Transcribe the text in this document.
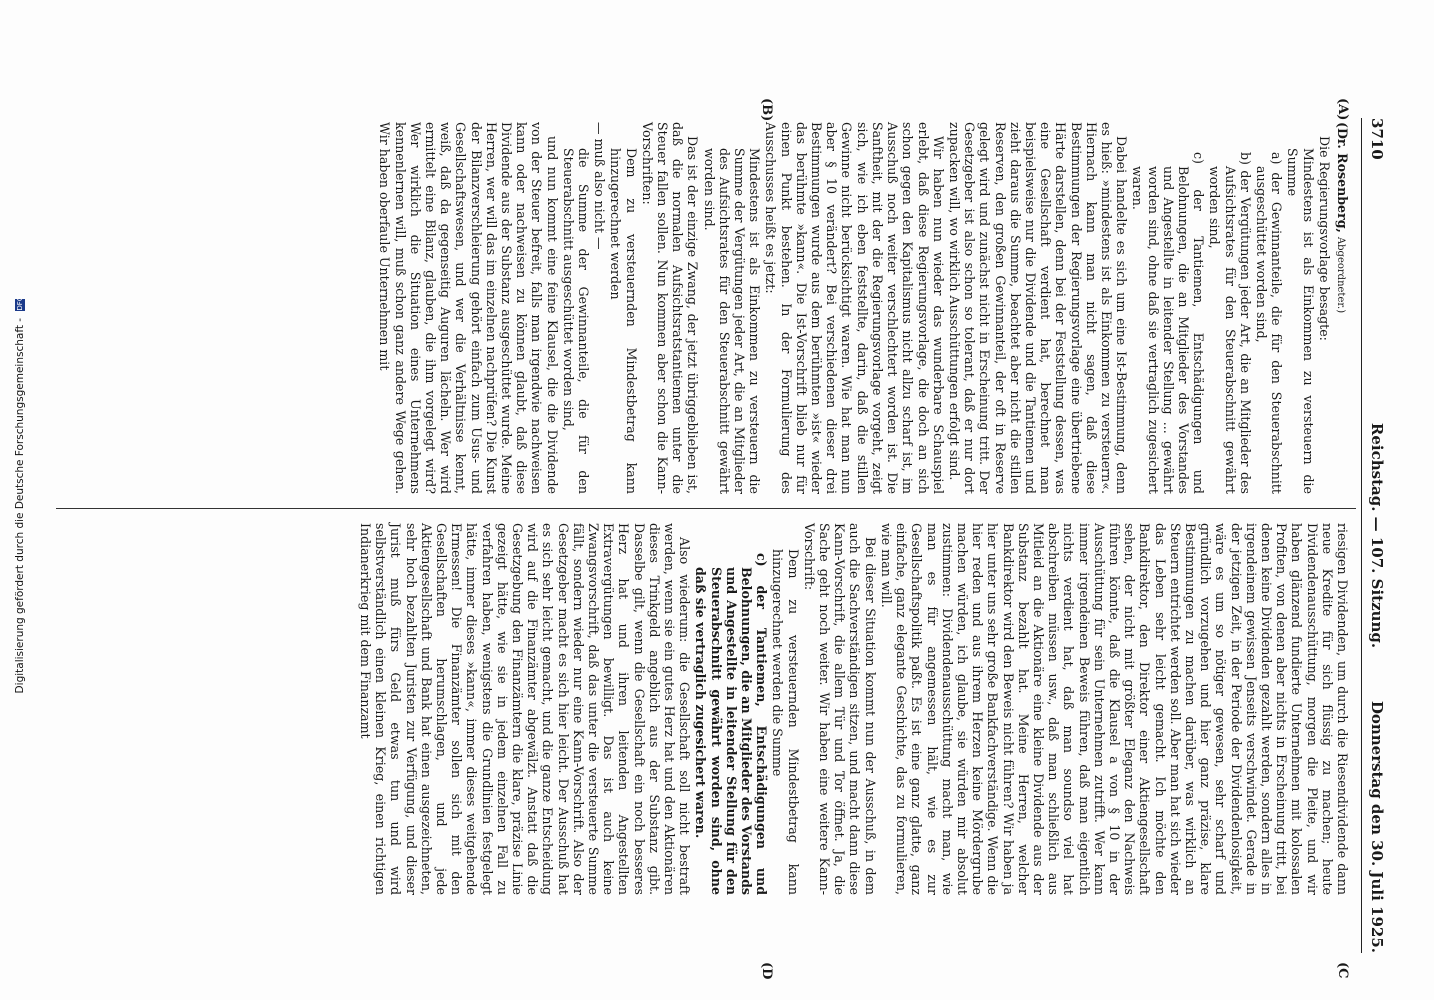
3710
Reichstag. — 107. Sitzung.
Donnerstag den 30. Juli 1925.
(A)
(B)
(C
(D

(Dr. Rosenberg, Abgeordneter.)

Die Regierungsvorlage besagte:

Mindestens ist als Einkommen zu versteuern die Summe

a) der Gewinnanteile, die für den Steuerabschnitt ausgeschüttet worden sind,

b) der Vergütungen jeder Art, die an Mitglieder des Aufsichtsrates für den Steuerabschnitt gewährt worden sind,

c) der Tantiemen, Entschädigungen und Belohnungen, die an Mitglieder des Vorstandes und Angestellte in leitender Stellung ... gewährt worden sind, ohne daß sie vertraglich zugesichert waren.

Dabei handelte es sich um eine Ist-Bestimmung, denn es hieß: »mindestens ist als Einkommen zu versteuern«. Hiernach kann man nicht sagen, daß diese Bestimmungen der Regierungsvorlage eine übertriebene Härte darstellen, denn bei der Feststellung dessen, was eine Gesellschaft verdient hat, berechnet man beispielsweise nur die Dividende und die Tantiemen und zieht daraus die Summe, beachtet aber nicht die stillen Reserven, den großen Gewinnanteil, der oft in Reserve gelegt wird und zunächst nicht in Erscheinung tritt. Der Gesetzgeber ist also schon so tolerant, daß er nur dort zupacken will, wo wirklich Ausschüttungen erfolgt sind.

Wir haben nun wieder das wunderbare Schauspiel erlebt, daß diese Regierungsvorlage, die doch an sich schon gegen den Kapitalismus nicht allzu scharf ist, im Ausschuß noch weiter verschlechtert worden ist. Die Sanftheit, mit der die Regierungsvorlage vorgeht, zeigt sich, wie ich eben feststellte, darin, daß die stillen Gewinne nicht berücksichtigt waren. Wie hat man nun aber § 10 verändert? Bei verschiedenen dieser drei Bestimmungen wurde aus dem berühmten »ist« wieder das berühmte »kann«. Die Ist-Vorschrift blieb nur für einen Punkt bestehen. In der Formulierung des Ausschusses heißt es jetzt:

Mindestens ist als Einkommen zu versteuern die Summe der Vergütungen jeder Art, die an Mitglieder des Aufsichtsrates für den Steuerabschnitt gewährt worden sind.

Das ist der einzige Zwang, der jetzt übriggeblieben ist, daß die normalen Aufsichtsratstantiemen unter die Steuer fallen sollen. Nun kommen aber schon die Kann-Vorschriften:

Dem zu versteuernden Mindestbetrag kann hinzugerechnet werden

— muß also nicht —

die Summe der Gewinnanteile, die für den Steuerabschnitt ausgeschüttet worden sind,

und nun kommt eine feine Klausel, die die Dividende von der Steuer befreit, falls man irgendwie nachweisen kann oder nachweisen zu können glaubt, daß diese Dividende aus der Substanz ausgeschüttet wurde. Meine Herren, wer will das im einzelnen nachprüfen? Die Kunst der Bilanzverschleierung gehört einfach zum Usus- und Gesellschaftswesen, und wer die Verhältnisse kennt, weiß, daß da gegenseitig Auguren lächeln. Wer wird ermittelt eine Bilanz, glauben, die ihm vorgelegt wird? Wer wirklich die Situation eines Unternehmens kennenlernen will, muß schon ganz andere Wege gehen. Wir haben oberfaule Unternehmen mit

riesigen Dividenden, um durch die Riesendividende dann neue Kredite für sich flüssig zu machen; heute Dividendenausschüttung, morgen die Pleite, und wir haben glänzend fundierte Unternehmen mit kolossalen Profiten, von denen aber nichts in Erscheinung tritt, bei denen keine Dividenden gezahlt werden, sondern alles in irgendeinem gewissen Jenseits verschwindet. Gerade in der jetzigen Zeit, in der Periode der Dividendenlosigkeit, wäre es um so nötiger gewesen, sehr scharf und gründlich vorzugehen und hier ganz präzise, klare Bestimmungen zu machen darüber, was wirklich an Steuern entrichtet werden soll. Aber man hat sich wieder das Leben sehr leicht gemacht. Ich möchte den Bankdirektor, den Direktor einer Aktiengesellschaft sehen, der nicht mit größter Eleganz den Nachweis führen könnte, daß die Klausel a von § 10 in der Ausschüttung für sein Unternehmen zutrifft. Wer kann immer irgendeinen Beweis führen, daß man eigentlich nichts verdient hat, daß man soundso viel hat abschreiben müssen usw., daß man schließlich aus Mitleid an die Aktionäre eine kleine Dividende aus der Substanz bezahlt hat. Meine Herren, welcher Bankdirektor wird den Beweis nicht führen? Wir haben ja hier unter uns sehr große Bankfachverständige. Wenn die hier reden und aus ihrem Herzen keine Mördergrube machen würden, ich glaube, sie würden mir absolut zustimmen: Dividendenausschüttung macht man, wie man es für angemessen hält, wie es zur Gesellschaftspolitik paßt. Es ist eine ganz glatte, ganz einfache, ganz elegante Geschichte, das zu formulieren, wie man will.

Bei dieser Situation kommt nun der Ausschuß, in dem auch die Sachverständigen sitzen, und macht dann diese Kann-Vorschrift, die allem Tür und Tor öffnet. Ja, die Sache geht noch weiter. Wir haben eine weitere Kann-Vorschrift:

Dem zu versteuernden Mindestbetrag kann hinzugerechnet werden die Summe

c) der Tantiemen, Entschädigungen und Belohnungen, die an Mitglieder des Vorstands und Angestellte in leitender Stellung für den Steuerabschnitt gewährt worden sind, ohne daß sie vertraglich zugesichert waren.

Also wiederum: die Gesellschaft soll nicht bestraft werden, wenn sie ein gutes Herz hat und den Aktionären dieses Trinkgeld angeblich aus der Substanz gibt. Dasselbe gilt, wenn die Gesellschaft ein noch besseres Herz hat und ihren leitenden Angestellten Extravergütungen bewilligt. Das ist auch keine Zwangsvorschrift, daß das unter die versteuerte Summe fällt, sondern wieder nur eine Kann-Vorschrift. Also der Gesetzgeber macht es sich hier leicht. Der Ausschuß hat es sich sehr leicht gemacht, und die ganze Entscheidung wird auf die Finanzämter abgewälzt. Anstatt daß die Gesetzgebung den Finanzämtern die klare, präzise Linie gezeigt hätte, wie sie in jedem einzelnen Fall zu verfahren haben, wenigstens die Grundlinien festgelegt hätte, immer dieses »kann«, immer dieses weitgehende Ermessen! Die Finanzämter sollen sich mit den Gesellschaften herumschlagen, und jede Aktiengesellschaft und Bank hat einen ausgezeichneten, sehr hoch bezahlten Juristen zur Verfügung, und dieser Jurist muß fürs Geld etwas tun und wird selbstverständlich einen kleinen Krieg, einen richtigen Indianerkrieg mit dem Finanzamt

Digitalisierung gefördert durch die Deutsche Forschungsgemeinschaft - DFG
